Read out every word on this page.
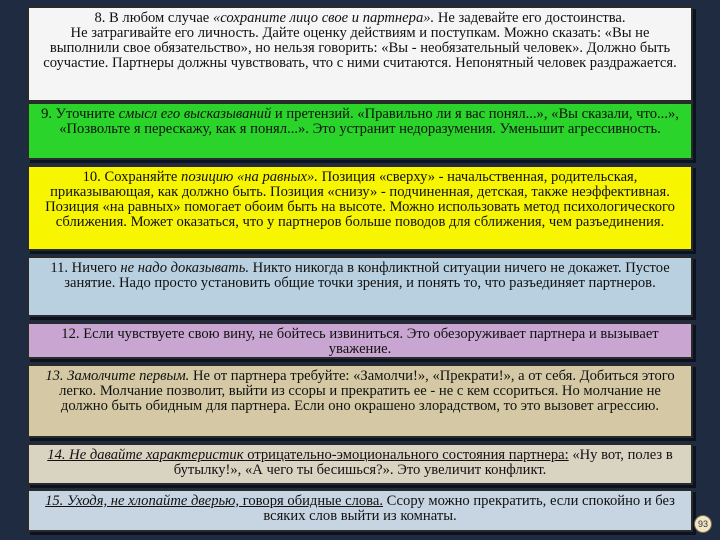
8. В любом случае «сохраните лицо свое и партнера». Не задевайте его достоинства.

Не затрагивайте его личность. Дайте оценку действиям и поступкам. Можно сказать: «Вы не выполнили свое обязательство», но нельзя говорить: «Вы - необязательный человек». Должно быть соучастие. Партнеры должны чувствовать, что с ними считаются. Непонятный человек раздражается.

9. Уточните смысл его высказываний и претензий. «Правильно ли я вас понял...», «Вы сказали, что...», «Позвольте я перескажу, как я понял...». Это устранит недоразумения. Уменьшит агрессивность.

10. Сохраняйте позицию «на равных». Позиция «сверху» - начальственная, родительская, приказывающая, как должно быть. Позиция «снизу» - подчиненная, детская, также неэффективная. Позиция «на равных» помогает обоим быть на высоте. Можно использовать метод психологического сближения. Может оказаться, что у партнеров больше поводов для сближения, чем разъединения.

11. Ничего не надо доказывать. Никто никогда в конфликтной ситуации ничего не докажет. Пустое занятие. Надо просто установить общие точки зрения, и понять то, что разъединяет партнеров.

12. Если чувствуете свою вину, не бойтесь извиниться. Это обезоруживает партнера и вызывает уважение.

13. Замолчите первым. Не от партнера требуйте: «Замолчи!», «Прекрати!», а от себя. Добиться этого легко. Молчание позволит, выйти из ссоры и прекратить ее - не с кем ссориться. Но молчание не должно быть обидным для партнера. Если оно окрашено злорадством, то это вызовет агрессию.

14. Не давайте характеристик отрицательно-эмоционального состояния партнера: «Ну вот, полез в бутылку!», «А чего ты бесишься?». Это увеличит конфликт.

15. Уходя, не хлопайте дверью, говоря обидные слова. Ссору можно прекратить, если спокойно и без всяких слов выйти из комнаты.	93
